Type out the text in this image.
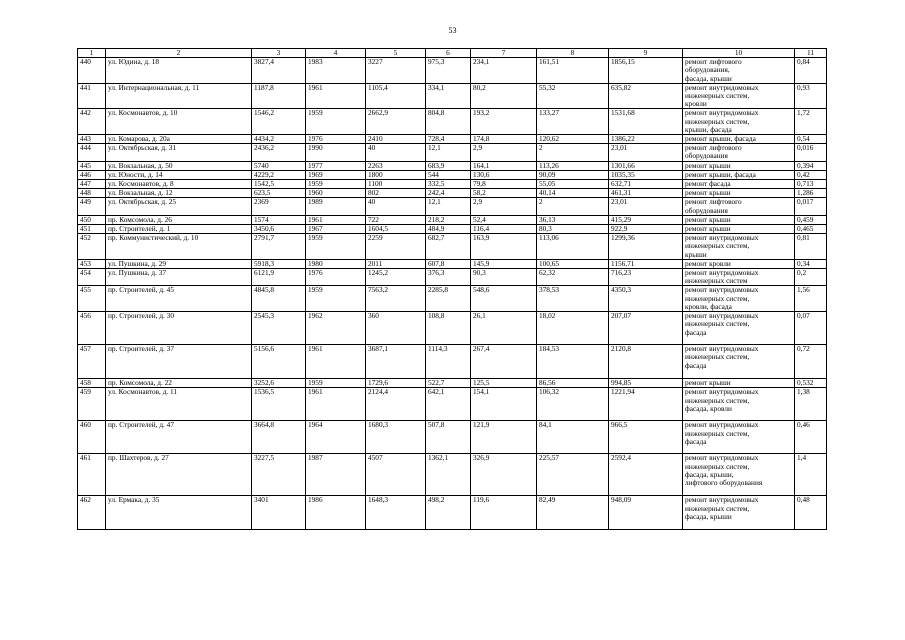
53
1	2	3	4	5	6	7	8	9	10	11
440	ул. Юдина, д. 18	3827,4	1983	3227	975,3	234,1	161,51	1856,15	ремонт лифтового
оборудования,
фасада, крыши	0,84
441	ул. Интернациональная, д. 11	1187,8	1961	1105,4	334,1	80,2	55,32	635,82	ремонт внутридомовых
инженерных систем,
кровли	0,93
442	ул. Космонавтов, д. 10	1546,2	1959	2662,9	804,8	193,2	133,27	1531,68	ремонт внутридомовых
инженерных систем,
крыши, фасада	1,72
443	ул. Комарова, д. 20а	4434,2	1976	2410	728,4	174,8	120,62	1386,22	ремонт крыши, фасада	0,54
444	ул. Октябрьская, д. 31	2436,2	1990	40	12,1	2,9	2	23,01	ремонт лифтового
оборудования	0,016
445	ул. Вокзальная, д. 50	5740	1977	2263	683,9	164,1	113,26	1301,66	ремонт крыши	0,394
446	ул. Юности, д. 14	4229,2	1969	1800	544	130,6	90,09	1035,35	ремонт крыши, фасада	0,42
447	ул. Космонавтов, д. 8	1542,5	1959	1100	332,5	79,8	55,05	632,71	ремонт фасада	0,713
448	ул. Вокзальная, д. 12	623,5	1960	802	242,4	58,2	40,14	461,31	ремонт крыши	1,286
449	ул. Октябрьская, д. 25	2369	1989	40	12,1	2,9	2	23,01	ремонт лифтового
оборудования	0,017
450	пр. Комсомола, д. 26	1574	1961	722	218,2	52,4	36,13	415,29	ремонт крыши	0,459
451	пр. Строителей, д. 1	3450,6	1967	1604,5	484,9	116,4	80,3	922,9	ремонт крыши	0,465
452	пр. Коммунистический, д. 10	2791,7	1959	2259	682,7	163,9	113,06	1299,36	ремонт внутридомовых
инженерных систем,
крыши	0,81
453	ул. Пушкина, д. 29	5918,3	1980	2011	607,8	145,9	100,65	1156,71	ремонт кровли	0,34
454	ул. Пушкина, д. 37	6121,9	1976	1245,2	376,3	90,3	62,32	716,23	ремонт внутридомовых
инженерных систем	0,2
455	пр. Строителей, д. 45	4845,8	1959	7563,2	2285,8	548,6	378,53	4350,3	ремонт внутридомовых
инженерных систем,
кровли, фасада	1,56
456	пр. Строителей, д. 30	2545,3	1962	360	108,8	26,1	18,02	207,07	ремонт внутридомовых
инженерных систем,
фасада	0,07
457	пр. Строителей, д. 37	5156,6	1961	3687,1	1114,3	267,4	184,53	2120,8	ремонт внутридомовых
инженерных систем,
фасада	0,72
458	пр. Комсомола, д. 22	3252,6	1959	1729,6	522,7	125,5	86,56	994,85	ремонт крыши	0,532
459	ул. Космонавтов, д. 11	1536,5	1961	2124,4	642,1	154,1	106,32	1221,94	ремонт внутридомовых
инженерных систем,
фасада, кровли	1,38
460	пр. Строителей, д. 47	3664,8	1964	1680,3	507,8	121,9	84,1	966,5	ремонт внутридомовых
инженерных систем,
фасада	0,46
461	пр. Шахтеров, д. 27	3227,5	1987	4507	1362,1	326,9	225,57	2592,4	ремонт внутридомовых
инженерных систем,
фасада, крыши,
лифтового оборудования	1,4
462	ул. Ермака, д. 35	3401	1986	1648,3	498,2	119,6	82,49	948,09	ремонт внутридомовых
инженерных систем,
фасада, крыши	0,48
